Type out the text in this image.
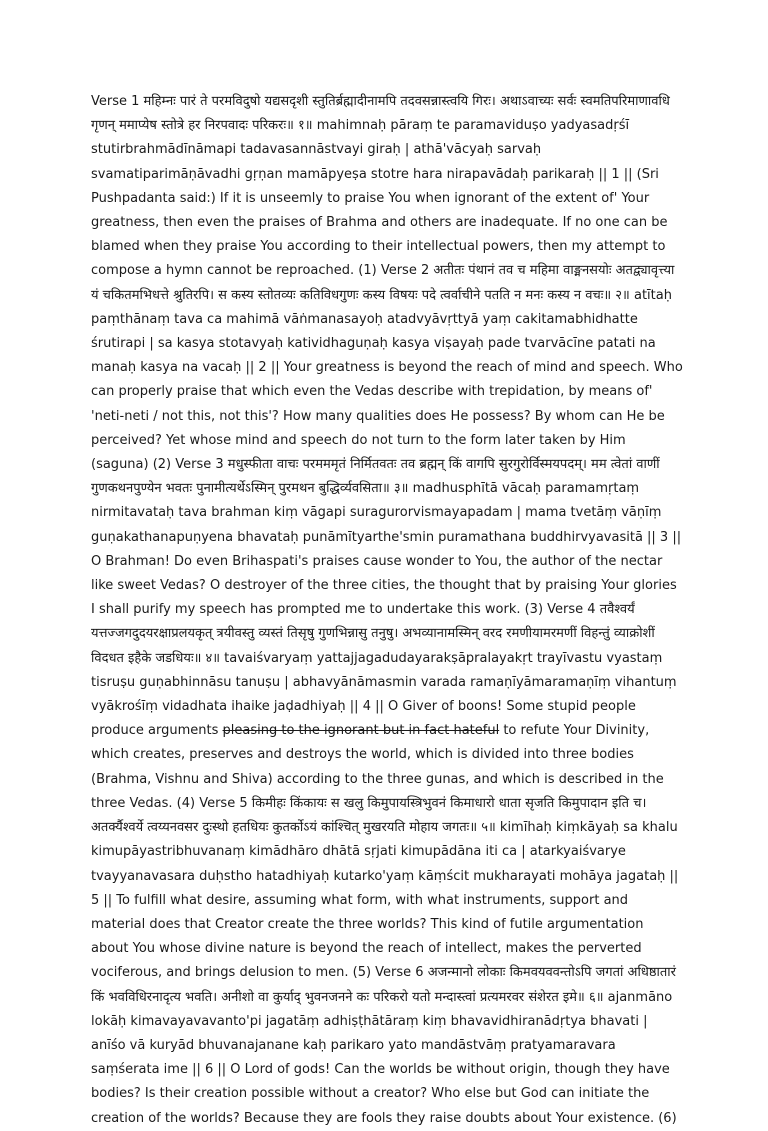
Verse 1 महिम्नः पारं ते परमविदुषो यद्यसदृशी स्तुतिर्ब्रह्मादीनामपि तदवसन्नास्त्वयि गिरः। अथाऽवाच्यः सर्वः स्वमतिपरिमाणावधि गृणन् ममाप्येष स्तोत्रे हर निरपवादः परिकरः॥ १॥ mahimnaḥ pāraṃ te paramaviduṣo yadyasadṛśī stutirbrahmādīnāmapi tadavasannāstvayi giraḥ | athā'vācyaḥ sarvaḥ svamatiparimāṇāvadhi gṛṇan mamāpyeṣa stotre hara nirapavādaḥ parikaraḥ || 1 || (Sri Pushpadanta said:) If it is unseemly to praise You when ignorant of the extent of' Your greatness, then even the praises of Brahma and others are inadequate. If no one can be blamed when they praise You according to their intellectual powers, then my attempt to compose a hymn cannot be reproached. (1) Verse 2 अतीतः पंथानं तव च महिमा वाङ्मनसयोः अतद्व्यावृत्त्या यं चकितमभिधत्ते श्रुतिरपि। स कस्य स्तोतव्यः कतिविधगुणः कस्य विषयः पदे त्वर्वाचीने पतति न मनः कस्य न वचः॥ २॥ atītaḥ paṃthānaṃ tava ca mahimā vāṅmanasayoḥ atadvyāvṛttyā yaṃ cakitamabhidhatte śrutirapi | sa kasya stotavyaḥ katividhaguṇaḥ kasya viṣayaḥ pade tvarvācīne patati na manaḥ kasya na vacaḥ || 2 || Your greatness is beyond the reach of mind and speech. Who can properly praise that which even the Vedas describe with trepidation, by means of' 'neti-neti / not this, not this'? How many qualities does He possess? By whom can He be perceived? Yet whose mind and speech do not turn to the form later taken by Him (saguna) (2) Verse 3 मधुस्फीता वाचः परमममृतं निर्मितवतः तव ब्रह्मन् किं वागपि सुरगुरोर्विस्मयपदम्। मम त्वेतां वाणीं गुणकथनपुण्येन भवतः पुनामीत्यर्थेऽस्मिन् पुरमथन बुद्धिर्व्यवसिता॥ ३॥ madhusphītā vācaḥ paramamṛtaṃ nirmitavataḥ tava brahman kiṃ vāgapi suragurorvismayapadam | mama tvetāṃ vāṇīṃ guṇakathanapuṇyena bhavataḥ punāmītyarthe'smin puramathana buddhirvyavasitā || 3 || O Brahman! Do even Brihaspati's praises cause wonder to You, the author of the nectar like sweet Vedas? O destroyer of the three cities, the thought that by praising Your glories I shall purify my speech has prompted me to undertake this work. (3) Verse 4 तवैश्वर्यं यत्तज्जगदुदयरक्षाप्रलयकृत् त्रयीवस्तु व्यस्तं तिसृषु गुणभिन्नासु तनुषु। अभव्यानामस्मिन् वरद रमणीयामरमणीं विहन्तुं व्याक्रोशीं विदधत इहैके जडधियः॥ ४॥ tavaiśvaryaṃ yattajjagadudayarakṣāpralayakṛt trayīvastu vyastaṃ tisruṣu guṇabhinnāsu tanuṣu | abhavyānāmasmin varada ramaṇīyāmaramaṇīṃ vihantuṃ vyākrośīṃ vidadhata ihaike jaḍadhiyaḥ || 4 || O Giver of boons! Some stupid people produce arguments pleasing to the ignorant but in fact hateful to refute Your Divinity, which creates, preserves and destroys the world, which is divided into three bodies (Brahma, Vishnu and Shiva) according to the three gunas, and which is described in the three Vedas. (4) Verse 5 किमीहः किंकायः स खलु किमुपायस्त्रिभुवनं किमाधारो धाता सृजति किमुपादान इति च। अतर्क्यैश्वर्ये त्वय्यनवसर दुःस्थो हतधियः कुतर्कोऽयं कांश्चित् मुखरयति मोहाय जगतः॥ ५॥ kimīhaḥ kiṃkāyaḥ sa khalu kimupāyastribhuvanaṃ kimādhāro dhātā sṛjati kimupādāna iti ca | atarkyaiśvarye tvayyanavasara duḥstho hatadhiyaḥ kutarko'yaṃ kāṃścit mukharayati mohāya jagataḥ || 5 || To fulfill what desire, assuming what form, with what instruments, support and material does that Creator create the three worlds? This kind of futile argumentation about You whose divine nature is beyond the reach of intellect, makes the perverted vociferous, and brings delusion to men. (5) Verse 6 अजन्मानो लोकाः किमवयववन्तोऽपि जगतां अधिष्ठातारं किं भवविधिरनादृत्य भवति। अनीशो वा कुर्याद् भुवनजनने कः परिकरो यतो मन्दास्त्वां प्रत्यमरवर संशेरत इमे॥ ६॥ ajanmāno lokāḥ kimavayavavanto'pi jagatāṃ adhiṣṭhātāraṃ kiṃ bhavavidhiranādṛtya bhavati | anīśo vā kuryād bhuvanajanane kaḥ parikaro yato mandāstvāṃ pratyamaravara saṃśerata ime || 6 || O Lord of gods! Can the worlds be without origin, though they have bodies? Is their creation possible without a creator? Who else but God can initiate the creation of the worlds? Because they are fools they raise doubts about Your existence. (6)
